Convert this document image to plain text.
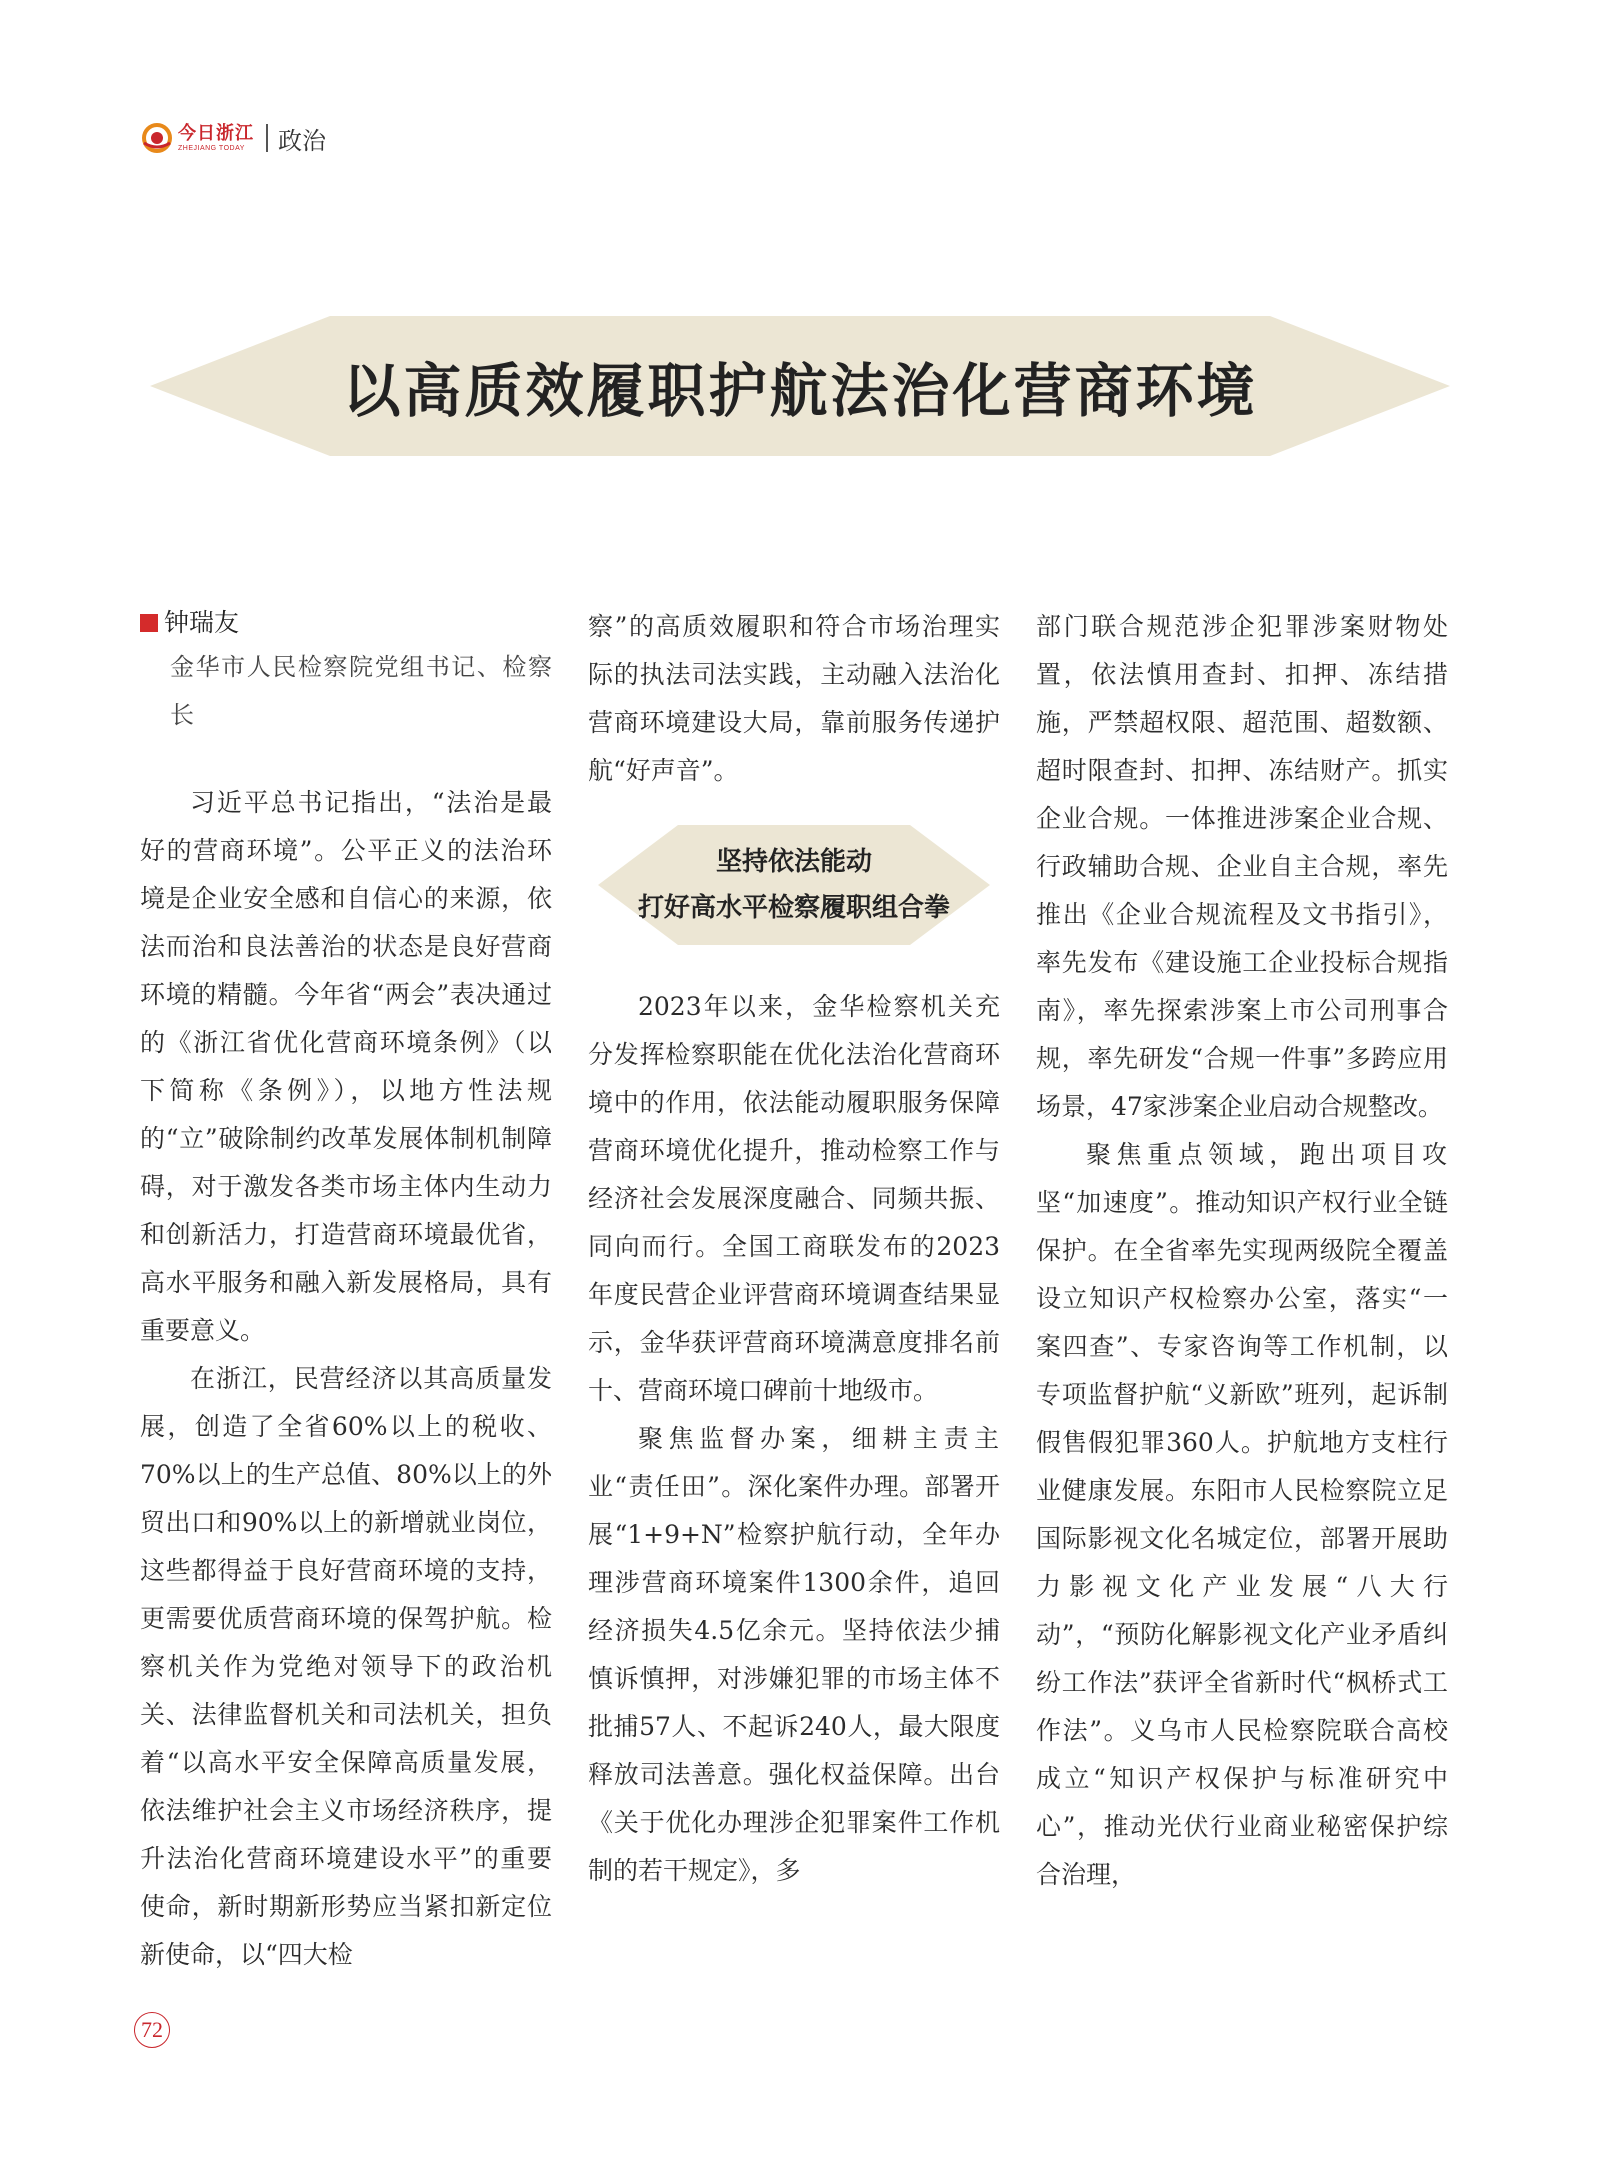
今日浙江
ZHEJIANG TODAY	政治
以高质效履职护航法治化营商环境
钟瑞友
金华市人民检察院党组书记、检察长

习近平总书记指出，“法治是最好的营商环境”。公平正义的法治环境是企业安全感和自信心的来源，依法而治和良法善治的状态是良好营商环境的精髓。今年省“两会”表决通过的《浙江省优化营商环境条例》（以下简称《条例》），以地方性法规的“立”破除制约改革发展体制机制障碍，对于激发各类市场主体内生动力和创新活力，打造营商环境最优省，高水平服务和融入新发展格局，具有重要意义。

在浙江，民营经济以其高质量发展，创造了全省60%以上的税收、70%以上的生产总值、80%以上的外贸出口和90%以上的新增就业岗位，这些都得益于良好营商环境的支持，更需要优质营商环境的保驾护航。检察机关作为党绝对领导下的政治机关、法律监督机关和司法机关，担负着“以高水平安全保障高质量发展，依法维护社会主义市场经济秩序，提升法治化营商环境建设水平”的重要使命，新时期新形势应当紧扣新定位新使命，以“四大检

察”的高质效履职和符合市场治理实际的执法司法实践，主动融入法治化营商环境建设大局，靠前服务传递护航“好声音”。

坚持依法能动
打好高水平检察履职组合拳

2023年以来，金华检察机关充分发挥检察职能在优化法治化营商环境中的作用，依法能动履职服务保障营商环境优化提升，推动检察工作与经济社会发展深度融合、同频共振、同向而行。全国工商联发布的2023年度民营企业评营商环境调查结果显示，金华获评营商环境满意度排名前十、营商环境口碑前十地级市。

聚焦监督办案，细耕主责主业“责任田”。深化案件办理。部署开展“1+9+N”检察护航行动，全年办理涉营商环境案件1300余件，追回经济损失4.5亿余元。坚持依法少捕慎诉慎押，对涉嫌犯罪的市场主体不批捕57人、不起诉240人，最大限度释放司法善意。强化权益保障。出台《关于优化办理涉企犯罪案件工作机制的若干规定》，多

部门联合规范涉企犯罪涉案财物处置，依法慎用查封、扣押、冻结措施，严禁超权限、超范围、超数额、超时限查封、扣押、冻结财产。抓实企业合规。一体推进涉案企业合规、行政辅助合规、企业自主合规，率先推出《企业合规流程及文书指引》，率先发布《建设施工企业投标合规指南》，率先探索涉案上市公司刑事合规，率先研发“合规一件事”多跨应用场景，47家涉案企业启动合规整改。

聚焦重点领域，跑出项目攻坚“加速度”。推动知识产权行业全链保护。在全省率先实现两级院全覆盖设立知识产权检察办公室，落实“一案四查”、专家咨询等工作机制，以专项监督护航“义新欧”班列，起诉制假售假犯罪360人。护航地方支柱行业健康发展。东阳市人民检察院立足国际影视文化名城定位，部署开展助力影视文化产业发展“八大行动”，“预防化解影视文化产业矛盾纠纷工作法”获评全省新时代“枫桥式工作法”。义乌市人民检察院联合高校成立“知识产权保护与标准研究中心”，推动光伏行业商业秘密保护综合治理，

72
